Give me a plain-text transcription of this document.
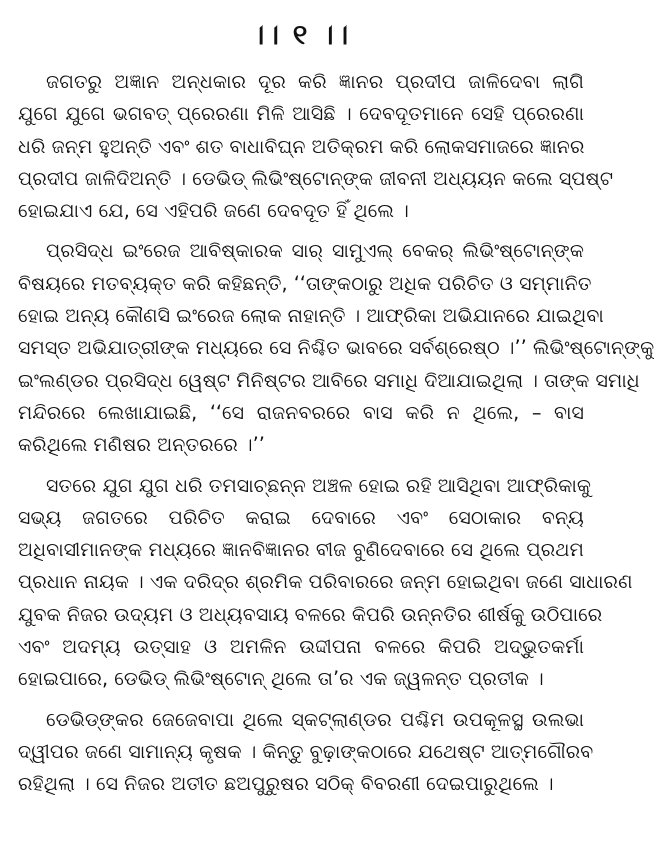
।। ୧ ।।

ଜଗତରୁ ଅଜ୍ଞାନ ଅନ୍ଧକାର ଦୂର କରି ଜ୍ଞାନର ପ୍ରଦୀପ ଜାଳିଦେବା ଲାଗି
ଯୁଗେ ଯୁଗେ ଭଗବତ୍ ପ୍ରେରଣା ମିଳି ଆସିଛି । ଦେବଦୂତମାନେ ସେହି ପ୍ରେରଣା
ଧରି ଜନ୍ମ ହୁଅନ୍ତି ଏବଂ ଶତ ବାଧାବିଘ୍ନ ଅତିକ୍ରମ କରି ଲୋକସମାଜରେ ଜ୍ଞାନର
ପ୍ରଦୀପ ଜାଳିଦିଅନ୍ତି । ଡେଭିଡ୍ ଲିଭିଂଷ୍ଟୋନ୍‌ଙ୍କ ଜୀବନୀ ଅଧ୍ୟୟନ କଲେ ସ୍ପଷ୍ଟ
ହୋଇଯାଏ ଯେ, ସେ ଏହିପରି ଜଣେ ଦେବଦୂତ ହିଁ ଥିଲେ ।

ପ୍ରସିଦ୍ଧ ଇଂରେଜ ଆବିଷ୍କାରକ ସାର୍ ସାମୁଏଲ୍ ବେକର୍ ଲିଭିଂଷ୍ଟୋନ୍‌ଙ୍କ
ବିଷୟରେ ମତବ୍ୟକ୍ତ କରି କହିଛନ୍ତି, ‘‘ତାଙ୍କଠାରୁ ଅଧିକ ପରିଚିତ ଓ ସମ୍ମାନିତ
ହୋଇ ଅନ୍ୟ କୌଣସି ଇଂରେଜ ଲୋକ ନାହାନ୍ତି । ଆଫ୍ରିକା ଅଭିଯାନରେ ଯାଇଥିବା
ସମସ୍ତ ଅଭିଯାତ୍ରୀଙ୍କ ମଧ୍ୟରେ ସେ ନିଶ୍ଚିତ ଭାବରେ ସର୍ବଶ୍ରେଷ୍ଠ ।’’ ଲିଭିଂଷ୍ଟୋନ୍‌ଙ୍କୁ
ଇଂଲଣ୍ଡର ପ୍ରସିଦ୍ଧ ୱେଷ୍ଟ ମିନିଷ୍ଟର ଆବିରେ ସମାଧି ଦିଆଯାଇଥିଲା । ତାଙ୍କ ସମାଧି
ମନ୍ଦିରରେ ଲେଖାଯାଇଛି, ‘‘ସେ ରାଜନବରରେ ବାସ କରି ନ ଥିଲେ, – ବାସ
କରିଥିଲେ ମଣିଷର ଅନ୍ତରରେ ।’’

ସତରେ ଯୁଗ ଯୁଗ ଧରି ତମସାଚ୍ଛନ୍ନ ଅଞ୍ଚଳ ହୋଇ ରହି ଆସିଥିବା ଆଫ୍ରିକାକୁ
ସଭ୍ୟ ଜଗତରେ ପରିଚିତ କରାଇ ଦେବାରେ ଏବଂ ସେଠାକାର ବନ୍ୟ
ଅଧିବାସୀମାନଙ୍କ ମଧ୍ୟରେ ଜ୍ଞାନବିଜ୍ଞାନର ବୀଜ ବୁଣିଦେବାରେ ସେ ଥିଲେ ପ୍ରଥମ
ପ୍ରଧାନ ନାୟକ । ଏକ ଦରିଦ୍ର ଶ୍ରମିକ ପରିବାରରେ ଜନ୍ମ ହୋଇଥିବା ଜଣେ ସାଧାରଣ
ଯୁବକ ନିଜର ଉଦ୍ୟମ ଓ ଅଧ୍ୟବସାୟ ବଳରେ କିପରି ଉନ୍ନତିର ଶୀର୍ଷକୁ ଉଠିପାରେ
ଏବଂ ଅଦମ୍ୟ ଉତ୍ସାହ ଓ ଅମଳିନ ଉଦ୍ଦୀପନା ବଳରେ କିପରି ଅଦ୍ଭୁତକର୍ମା
ହୋଇପାରେ, ଡେଭିଡ୍ ଲିଭିଂଷ୍ଟୋନ୍ ଥିଲେ ତା’ର ଏକ ଜ୍ୱଳନ୍ତ ପ୍ରତୀକ ।

ଡେଭିଡ୍‌ଙ୍କର ଜେଜେବାପା ଥିଲେ ସ୍କଟ୍‌ଲାଣ୍ଡର ପଶ୍ଚିମ ଉପକୂଳସ୍ଥ ଉଲଭା
ଦ୍ୱୀପର ଜଣେ ସାମାନ୍ୟ କୃଷକ । କିନ୍ତୁ ବୁଢ଼ାଙ୍କଠାରେ ଯଥେଷ୍ଟ ଆତ୍ମଗୌରବ
ରହିଥିଲା । ସେ ନିଜର ଅତୀତ ଛଅପୁରୁଷର ସଠିକ୍ ବିବରଣୀ ଦେଇପାରୁଥିଲେ ।
